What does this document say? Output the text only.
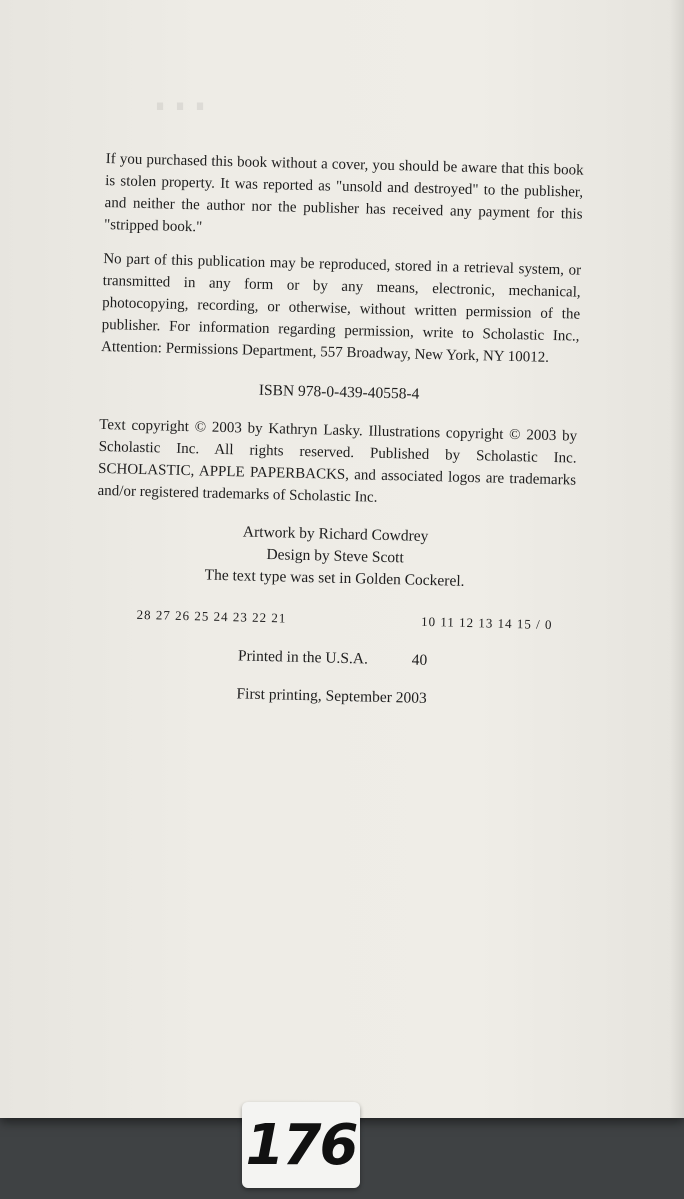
⋯

If you purchased this book without a cover, you should be aware that this book is stolen property. It was reported as "unsold and destroyed" to the publisher, and neither the author nor the publisher has received any payment for this "stripped book."

No part of this publication may be reproduced, stored in a retrieval system, or transmitted in any form or by any means, electronic, mechanical, photocopying, recording, or otherwise, without written permission of the publisher. For information regarding permission, write to Scholastic Inc., Attention: Permissions Department, 557 Broadway, New York, NY 10012.

ISBN 978-0-439-40558-4

Text copyright © 2003 by Kathryn Lasky. Illustrations copyright © 2003 by Scholastic Inc. All rights reserved. Published by Scholastic Inc. SCHOLASTIC, APPLE PAPERBACKS, and associated logos are trademarks and/or registered trademarks of Scholastic Inc.

Artwork by Richard Cowdrey

Design by Steve Scott

The text type was set in Golden Cockerel.

28 27 26 25 24 23 22 21	10 11 12 13 14 15 / 0

Printed in the U.S.A.	40

First printing, September 2003

176
